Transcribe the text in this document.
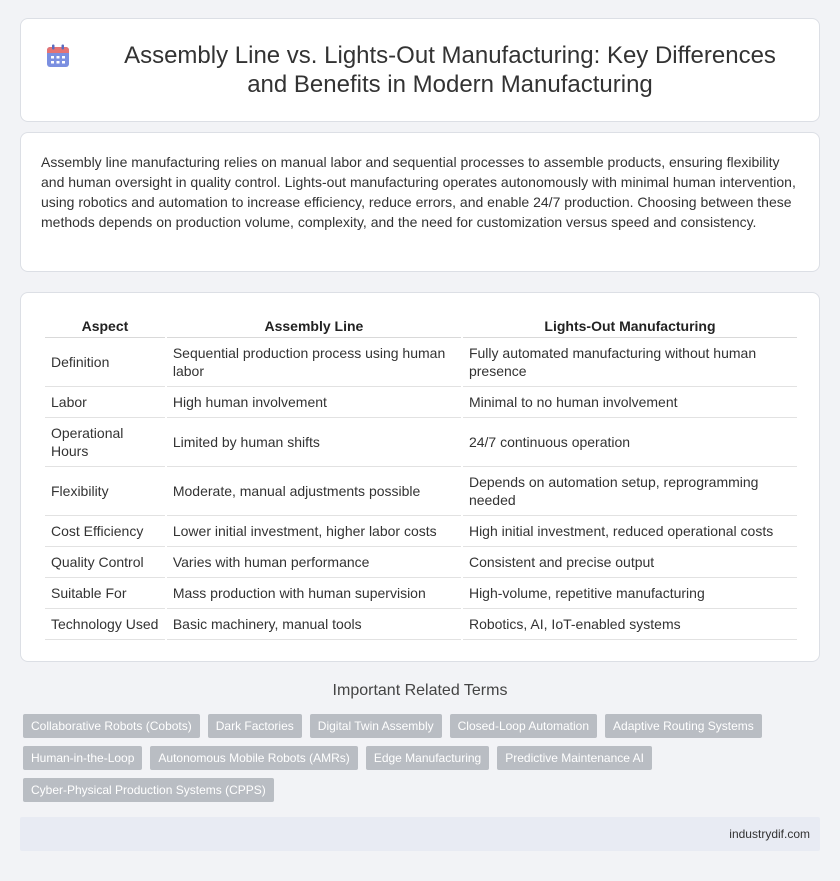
Assembly Line vs. Lights-Out Manufacturing: Key Differences and Benefits in Modern Manufacturing

Assembly line manufacturing relies on manual labor and sequential processes to assemble products, ensuring flexibility and human oversight in quality control. Lights-out manufacturing operates autonomously with minimal human intervention, using robotics and automation to increase efficiency, reduce errors, and enable 24/7 production. Choosing between these methods depends on production volume, complexity, and the need for customization versus speed and consistency.

Aspect	Assembly Line	Lights-Out Manufacturing
Definition	Sequential production process using human labor	Fully automated manufacturing without human presence
Labor	High human involvement	Minimal to no human involvement
Operational Hours	Limited by human shifts	24/7 continuous operation
Flexibility	Moderate, manual adjustments possible	Depends on automation setup, reprogramming needed
Cost Efficiency	Lower initial investment, higher labor costs	High initial investment, reduced operational costs
Quality Control	Varies with human performance	Consistent and precise output
Suitable For	Mass production with human supervision	High-volume, repetitive manufacturing
Technology Used	Basic machinery, manual tools	Robotics, AI, IoT-enabled systems
Important Related Terms
Collaborative Robots (Cobots)	Dark Factories	Digital Twin Assembly	Closed-Loop Automation	Adaptive Routing Systems
Human-in-the-Loop	Autonomous Mobile Robots (AMRs)	Edge Manufacturing	Predictive Maintenance AI
Cyber-Physical Production Systems (CPPS)
industrydif.com
